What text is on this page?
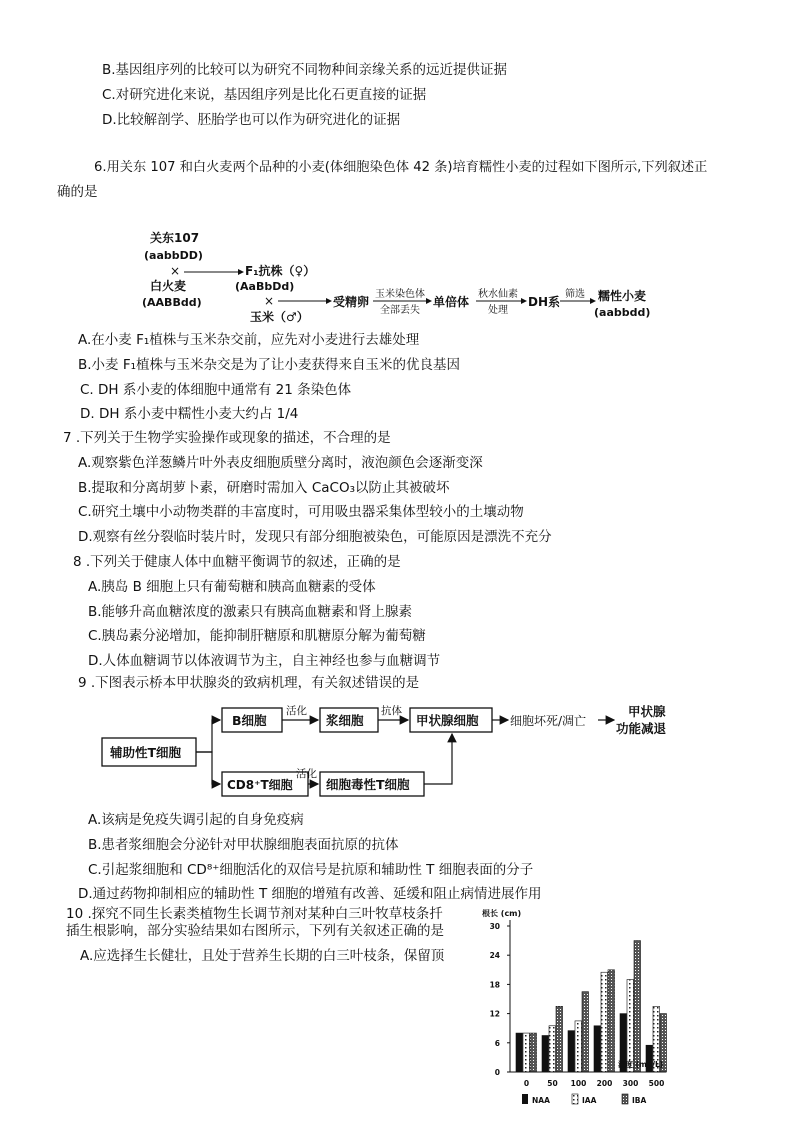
B.基因组序列的比较可以为研究不同物种间亲缘关系的远近提供证据
C.对研究进化来说，基因组序列是比化石更直接的证据
D.比较解剖学、胚胎学也可以作为研究进化的证据
6.用关东 107 和白火麦两个品种的小麦(体细胞染色体 42 条)培育糯性小麦的过程如下图所示,下列叙述正
确的是
关东107
(aabbDD)
×
白火麦
(AABBdd)
F₁抗株（♀）
(AaBbDd)
×
玉米（♂）
受精卵
玉米染色体
全部丢失
单倍体
秋水仙素
处理
DH系
筛选 糯性小麦
(aabbdd)
A.在小麦 F₁植株与玉米杂交前，应先对小麦进行去雄处理
B.小麦 F₁植株与玉米杂交是为了让小麦获得来自玉米的优良基因
C. DH 系小麦的体细胞中通常有 21 条染色体
D. DH 系小麦中糯性小麦大约占 1/4
7 .下列关于生物学实验操作或现象的描述，不合理的是
A.观察紫色洋葱鳞片叶外表皮细胞质壁分离时，液泡颜色会逐渐变深
B.提取和分离胡萝卜素，研磨时需加入 CaCO₃以防止其被破坏
C.研究土壤中小动物类群的丰富度时，可用吸虫器采集体型较小的土壤动物
D.观察有丝分裂临时装片时，发现只有部分细胞被染色，可能原因是漂洗不充分
8 .下列关于健康人体中血糖平衡调节的叙述，正确的是
A.胰岛 B 细胞上只有葡萄糖和胰高血糖素的受体
B.能够升高血糖浓度的激素只有胰高血糖素和肾上腺素
C.胰岛素分泌增加，能抑制肝糖原和肌糖原分解为葡萄糖
D.人体血糖调节以体液调节为主，自主神经也参与血糖调节
9 .下图表示桥本甲状腺炎的致病机理，有关叙述错误的是
辅助性T细胞
B细胞
活化
浆细胞
抗体
甲状腺细胞	细胞坏死/凋亡
甲状腺
功能减退
CD8⁺T细胞
活化
细胞毒性T细胞
A.该病是免疫失调引起的自身免疫病
B.患者浆细胞会分泌针对甲状腺细胞表面抗原的抗体
C.引起浆细胞和 CD⁸⁺细胞活化的双信号是抗原和辅助性 T 细胞表面的分子
D.通过药物抑制相应的辅助性 T 细胞的增殖有改善、延缓和阻止病情进展作用
10 .探究不同生长素类植物生长调节剂对某种白三叶牧草枝条扦
插生根影响，部分实验结果如右图所示，下列有关叙述正确的是
A.应选择生长健壮，且处于营养生长期的白三叶枝条，保留顶
根长 (cm)
0
6
12
18
24
30
0 50 100 200 300 500
浓度 (mg/L)
NAA	IAA	IBA
